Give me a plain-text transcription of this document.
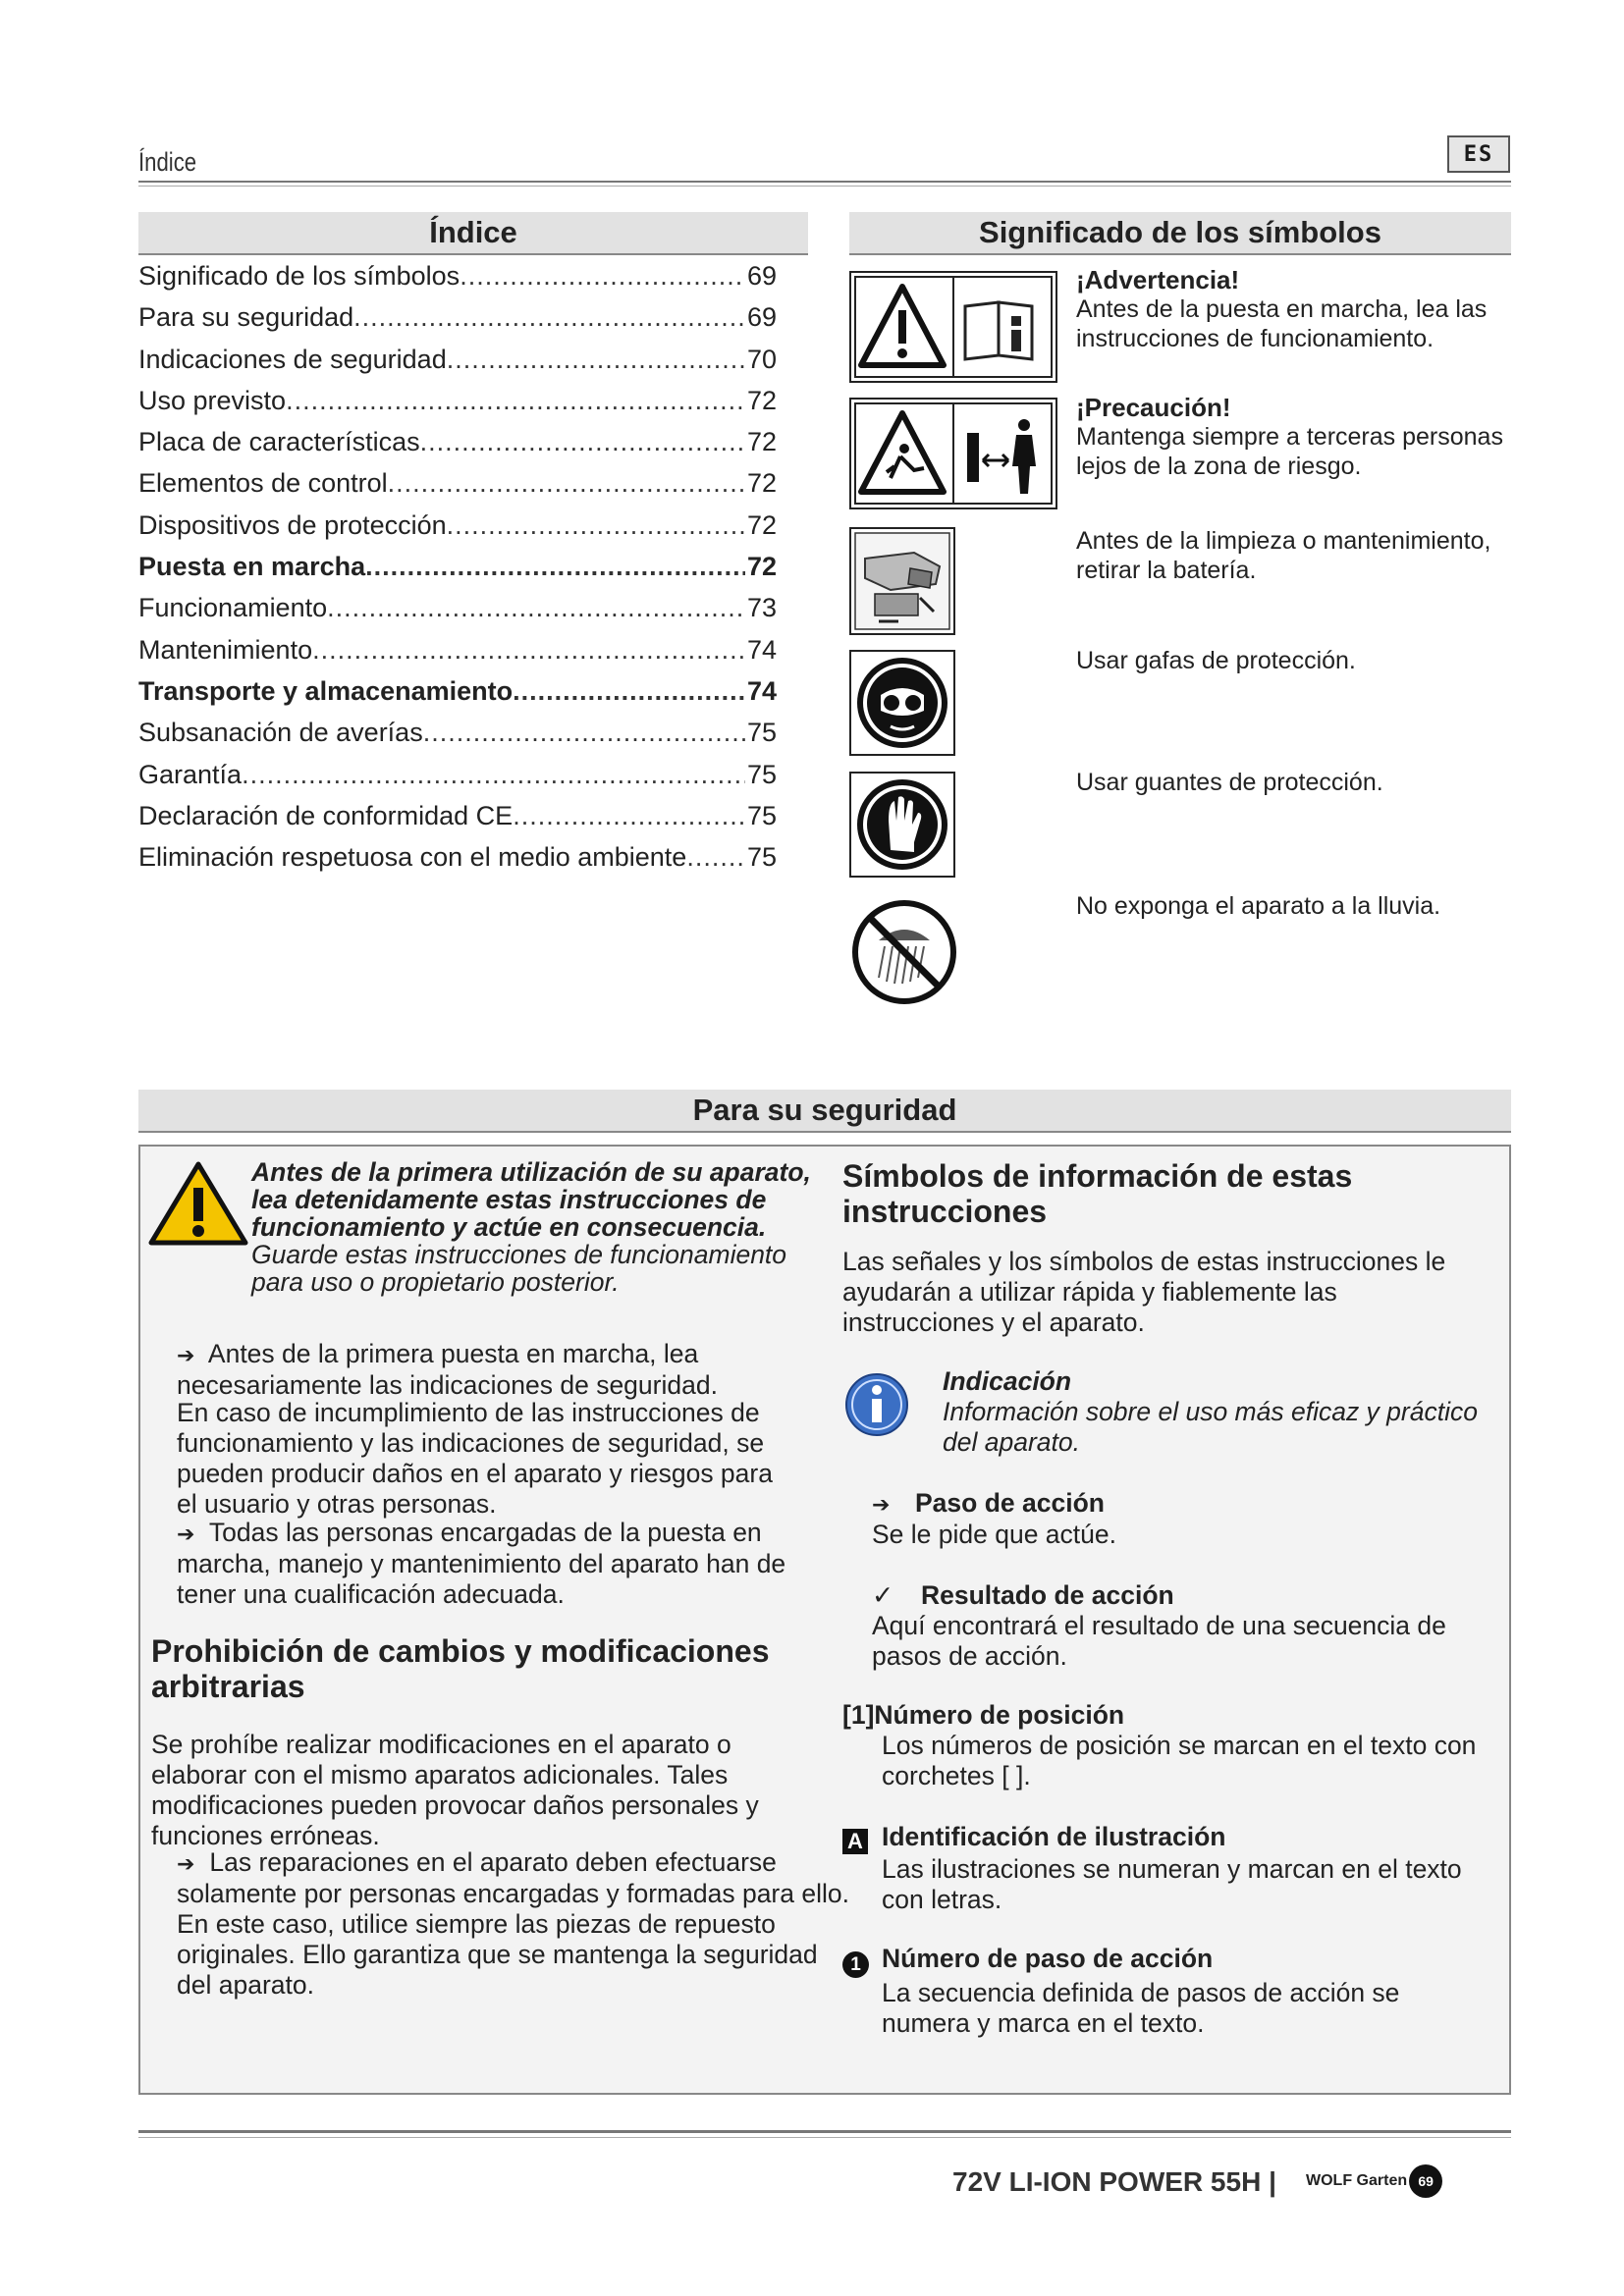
Índice	ES
Índice
Significado de los símbolos .....	69
Para su seguridad .....	69
Indicaciones de seguridad .....	70
Uso previsto .....	72
Placa de características .....	72
Elementos de control .....	72
Dispositivos de protección .....	72
Puesta en marcha .....	72
Funcionamiento .....	73
Mantenimiento .....	74
Transporte y almacenamiento .....	74
Subsanación de averías .....	75
Garantía .....	75
Declaración de conformidad CE .....	75
Eliminación respetuosa con el medio ambiente ..... 75
Significado de los símbolos
¡Advertencia!
Antes de la puesta en marcha, lea las instrucciones de funcionamiento.
¡Precaución!
Mantenga siempre a terceras personas lejos de la zona de riesgo.
Antes de la limpieza o mantenimiento, retirar la batería.
Usar gafas de protección.
Usar guantes de protección.
No exponga el aparato a la lluvia.
Para su seguridad
Antes de la primera utilización de su aparato, lea detenidamente estas instrucciones de funcionamiento y actúe en consecuencia. Guarde estas instrucciones de funcionamiento para uso o propietario posterior.
➔ Antes de la primera puesta en marcha, lea necesariamente las indicaciones de seguridad.
En caso de incumplimiento de las instrucciones de funcionamiento y las indicaciones de seguridad, se pueden producir daños en el aparato y riesgos para el usuario y otras personas.
➔ Todas las personas encargadas de la puesta en marcha, manejo y mantenimiento del aparato han de tener una cualificación adecuada.
Prohibición de cambios y modificaciones arbitrarias
Se prohíbe realizar modificaciones en el aparato o elaborar con el mismo aparatos adicionales. Tales modificaciones pueden provocar daños personales y funciones erróneas.
➔ Las reparaciones en el aparato deben efectuarse solamente por personas encargadas y formadas para ello. En este caso, utilice siempre las piezas de repuesto originales. Ello garantiza que se mantenga la seguridad del aparato.
Símbolos de información de estas instrucciones
Las señales y los símbolos de estas instrucciones le ayudarán a utilizar rápida y fiablemente las instrucciones y el aparato.
Indicación
Información sobre el uso más eficaz y práctico del aparato.
➔ Paso de acción
Se le pide que actúe.
✓ Resultado de acción
Aquí encontrará el resultado de una secuencia de pasos de acción.
[1]Número de posición
Los números de posición se marcan en el texto con corchetes [ ].
A Identificación de ilustración
Las ilustraciones se numeran y marcan en el texto con letras.
1 Número de paso de acción
La secuencia definida de pasos de acción se numera y marca en el texto.
72V LI-ION POWER 55H | WOLF Garten 69
